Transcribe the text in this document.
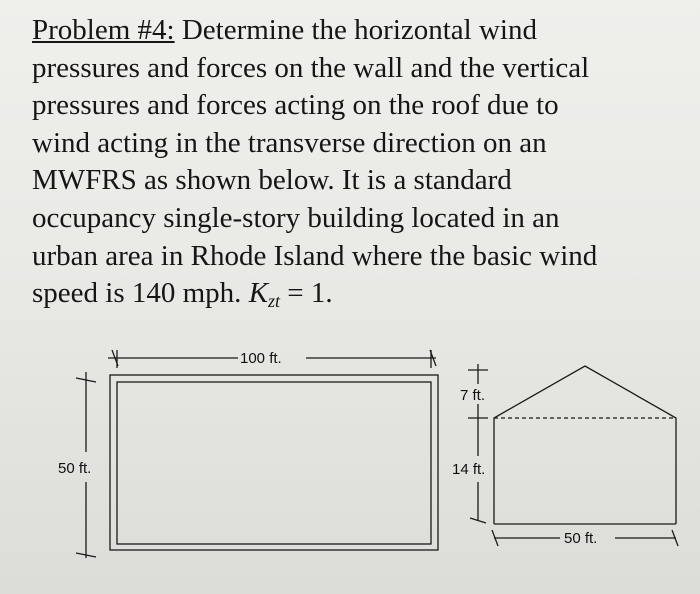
Problem #4: Determine the horizontal wind
pressures and forces on the wall and the vertical
pressures and forces acting on the roof due to
wind acting in the transverse direction on an
MWFRS as shown below. It is a standard
occupancy single-story building located in an
urban area in Rhode Island where the basic wind
speed is 140 mph. $K_{zt} = 1$.
100 ft.
50 ft.
7 ft.
14 ft.
50 ft.
